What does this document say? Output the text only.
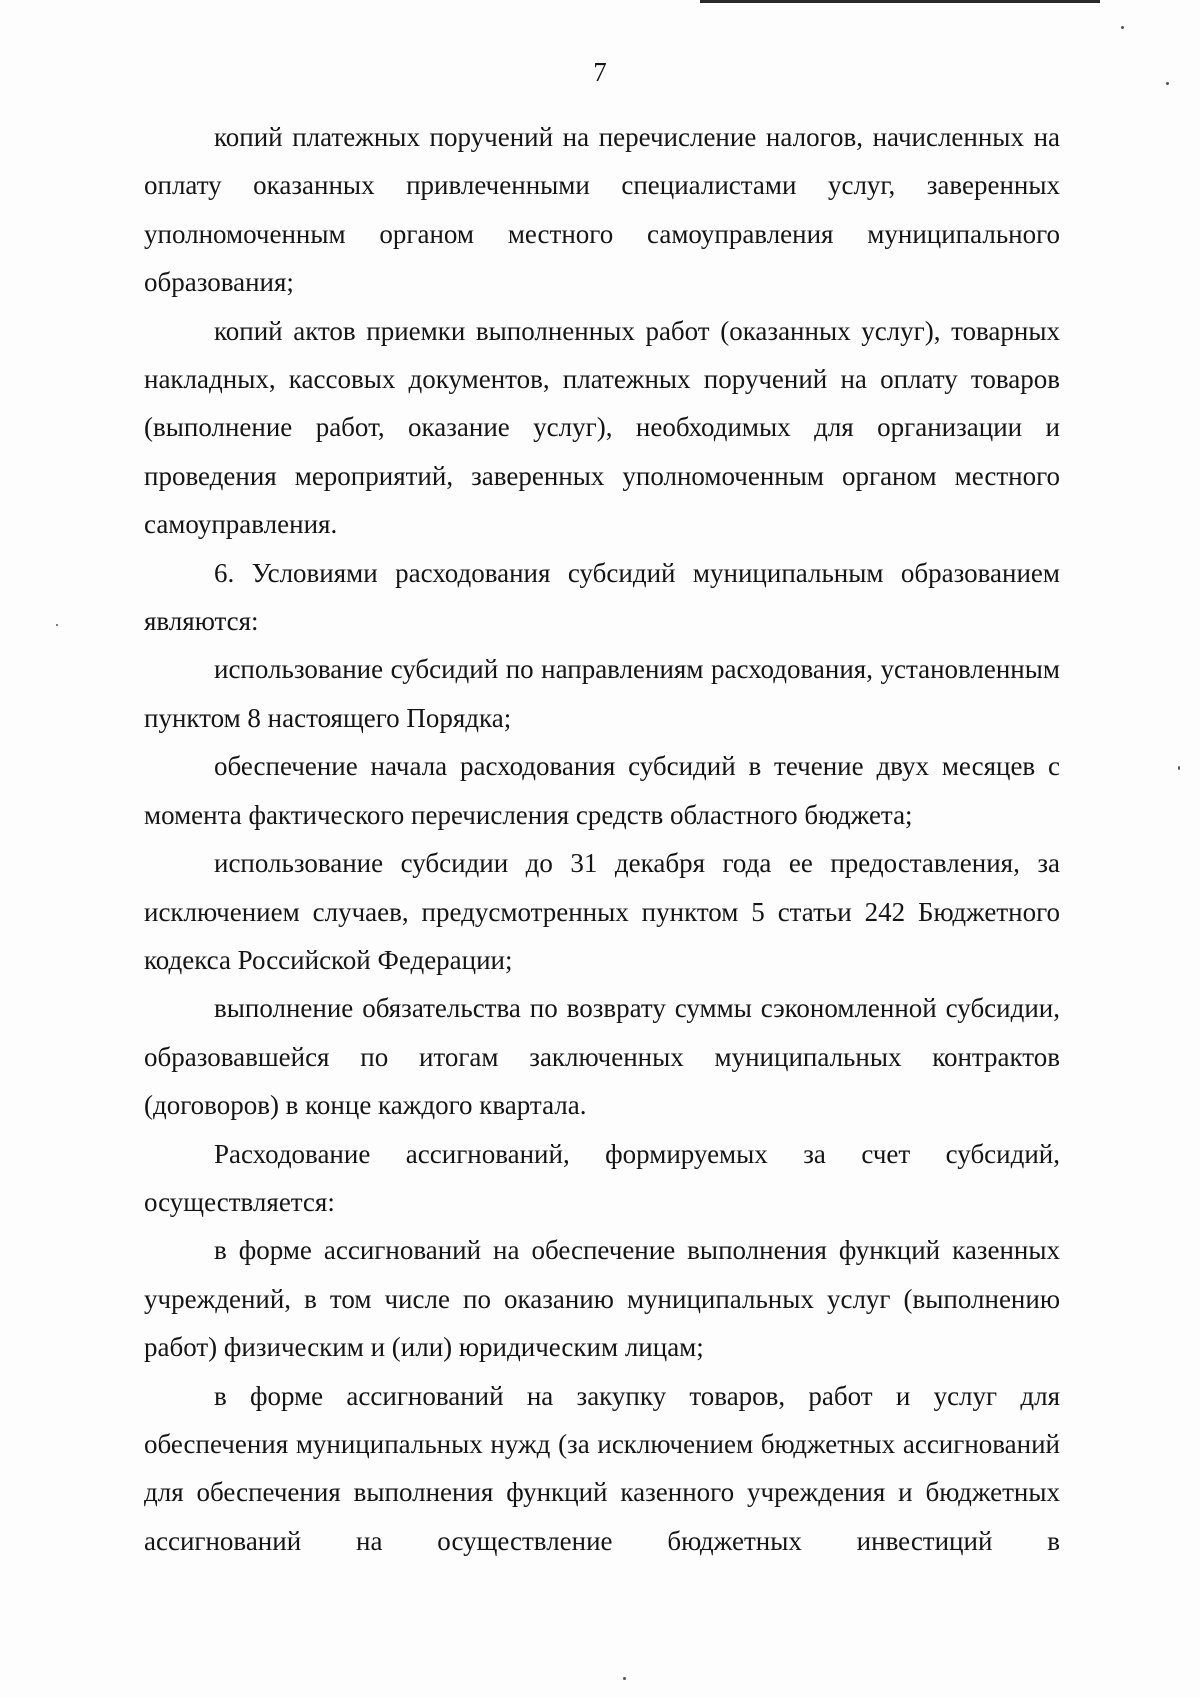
7

копий платежных поручений на перечисление налогов, начисленных на оплату оказанных привлеченными специалистами услуг, заверенных уполномоченным органом местного самоуправления муниципального образования;

копий актов приемки выполненных работ (оказанных услуг), товарных накладных, кассовых документов, платежных поручений на оплату товаров (выполнение работ, оказание услуг), необходимых для организации и проведения мероприятий, заверенных уполномоченным органом местного самоуправления.

6. Условиями расходования субсидий муниципальным образованием являются:

использование субсидий по направлениям расходования, установленным пунктом 8 настоящего Порядка;

обеспечение начала расходования субсидий в течение двух месяцев с момента фактического перечисления средств областного бюджета;

использование субсидии до 31 декабря года ее предоставления, за исключением случаев, предусмотренных пунктом 5 статьи 242 Бюджетного кодекса Российской Федерации;

выполнение обязательства по возврату суммы сэкономленной субсидии, образовавшейся по итогам заключенных муниципальных контрактов (договоров) в конце каждого квартала.

Расходование ассигнований, формируемых за счет субсидий, осуществляется:

в форме ассигнований на обеспечение выполнения функций казенных учреждений, в том числе по оказанию муниципальных услуг (выполнению работ) физическим и (или) юридическим лицам;

в форме ассигнований на закупку товаров, работ и услуг для обеспечения муниципальных нужд (за исключением бюджетных ассигнований для обеспечения выполнения функций казенного учреждения и бюджетных ассигнований на осуществление бюджетных инвестиций в
